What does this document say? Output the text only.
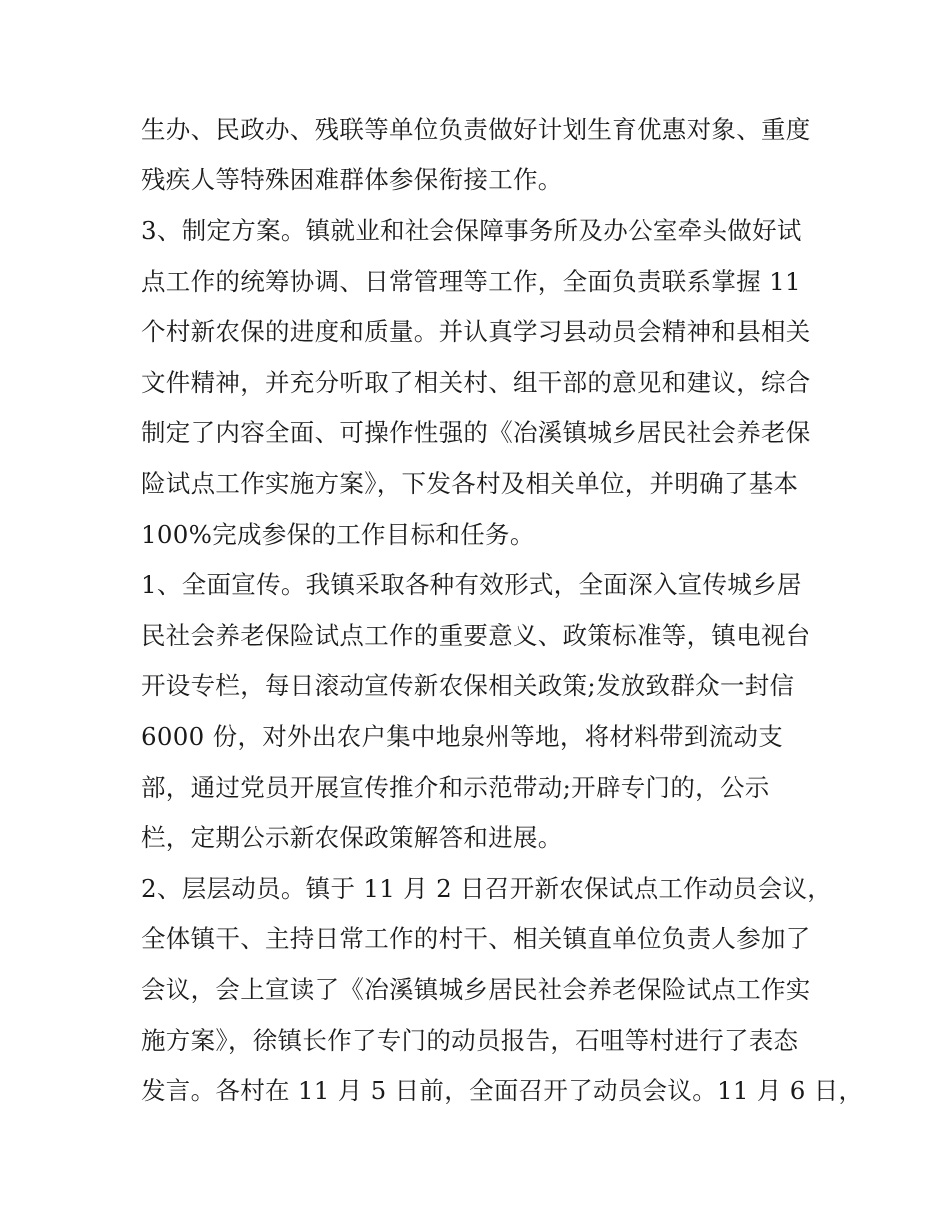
生办、民政办、残联等单位负责做好计划生育优惠对象、重度
残疾人等特殊困难群体参保衔接工作。
3、制定方案。镇就业和社会保障事务所及办公室牵头做好试
点工作的统筹协调、日常管理等工作，全面负责联系掌握 11
个村新农保的进度和质量。并认真学习县动员会精神和县相关
文件精神，并充分听取了相关村、组干部的意见和建议，综合
制定了内容全面、可操作性强的《冶溪镇城乡居民社会养老保
险试点工作实施方案》，下发各村及相关单位，并明确了基本
100%完成参保的工作目标和任务。
1、全面宣传。我镇采取各种有效形式，全面深入宣传城乡居
民社会养老保险试点工作的重要意义、政策标准等，镇电视台
开设专栏，每日滚动宣传新农保相关政策;发放致群众一封信
6000 份，对外出农户集中地泉州等地，将材料带到流动支
部，通过党员开展宣传推介和示范带动;开辟专门的，公示
栏，定期公示新农保政策解答和进展。
2、层层动员。镇于 11 月 2 日召开新农保试点工作动员会议，
全体镇干、主持日常工作的村干、相关镇直单位负责人参加了
会议，会上宣读了《冶溪镇城乡居民社会养老保险试点工作实
施方案》，徐镇长作了专门的动员报告，石咀等村进行了表态
发言。各村在 11 月 5 日前，全面召开了动员会议。11 月 6 日，
